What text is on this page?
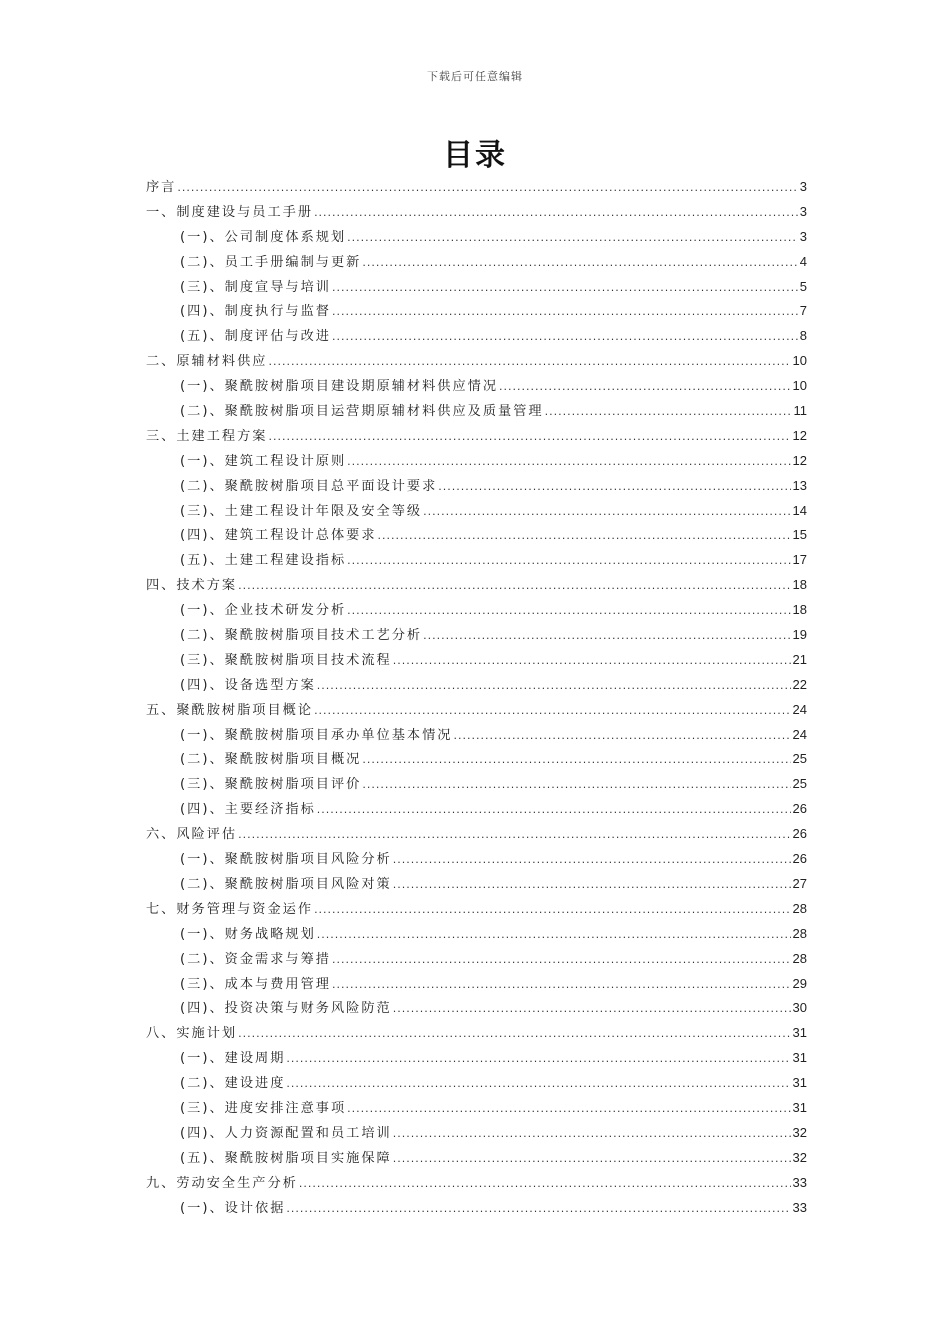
下载后可任意编辑
目录
序言 .....	3
一、制度建设与员工手册 .....	3
(一)、公司制度体系规划 .....	3
(二)、员工手册编制与更新 .....	4
(三)、制度宣导与培训 .....	5
(四)、制度执行与监督 .....	7
(五)、制度评估与改进 .....	8
二、原辅材料供应 .....	10
(一)、聚酰胺树脂项目建设期原辅材料供应情况 .....	10
(二)、聚酰胺树脂项目运营期原辅材料供应及质量管理 .....	11
三、土建工程方案 .....	12
(一)、建筑工程设计原则 .....	12
(二)、聚酰胺树脂项目总平面设计要求 .....	13
(三)、土建工程设计年限及安全等级 .....	14
(四)、建筑工程设计总体要求 .....	15
(五)、土建工程建设指标 .....	17
四、技术方案 .....	18
(一)、企业技术研发分析 .....	18
(二)、聚酰胺树脂项目技术工艺分析 .....	19
(三)、聚酰胺树脂项目技术流程 .....	21
(四)、设备选型方案 .....	22
五、聚酰胺树脂项目概论 .....	24
(一)、聚酰胺树脂项目承办单位基本情况 .....	24
(二)、聚酰胺树脂项目概况 .....	25
(三)、聚酰胺树脂项目评价 .....	25
(四)、主要经济指标 .....	26
六、风险评估 .....	26
(一)、聚酰胺树脂项目风险分析 .....	26
(二)、聚酰胺树脂项目风险对策 .....	27
七、财务管理与资金运作 .....	28
(一)、财务战略规划 .....	28
(二)、资金需求与筹措 .....	28
(三)、成本与费用管理 .....	29
(四)、投资决策与财务风险防范 .....	30
八、实施计划 .....	31
(一)、建设周期 .....	31
(二)、建设进度 .....	31
(三)、进度安排注意事项 .....	31
(四)、人力资源配置和员工培训 .....	32
(五)、聚酰胺树脂项目实施保障 .....	32
九、劳动安全生产分析 .....	33
(一)、设计依据 .....	33
